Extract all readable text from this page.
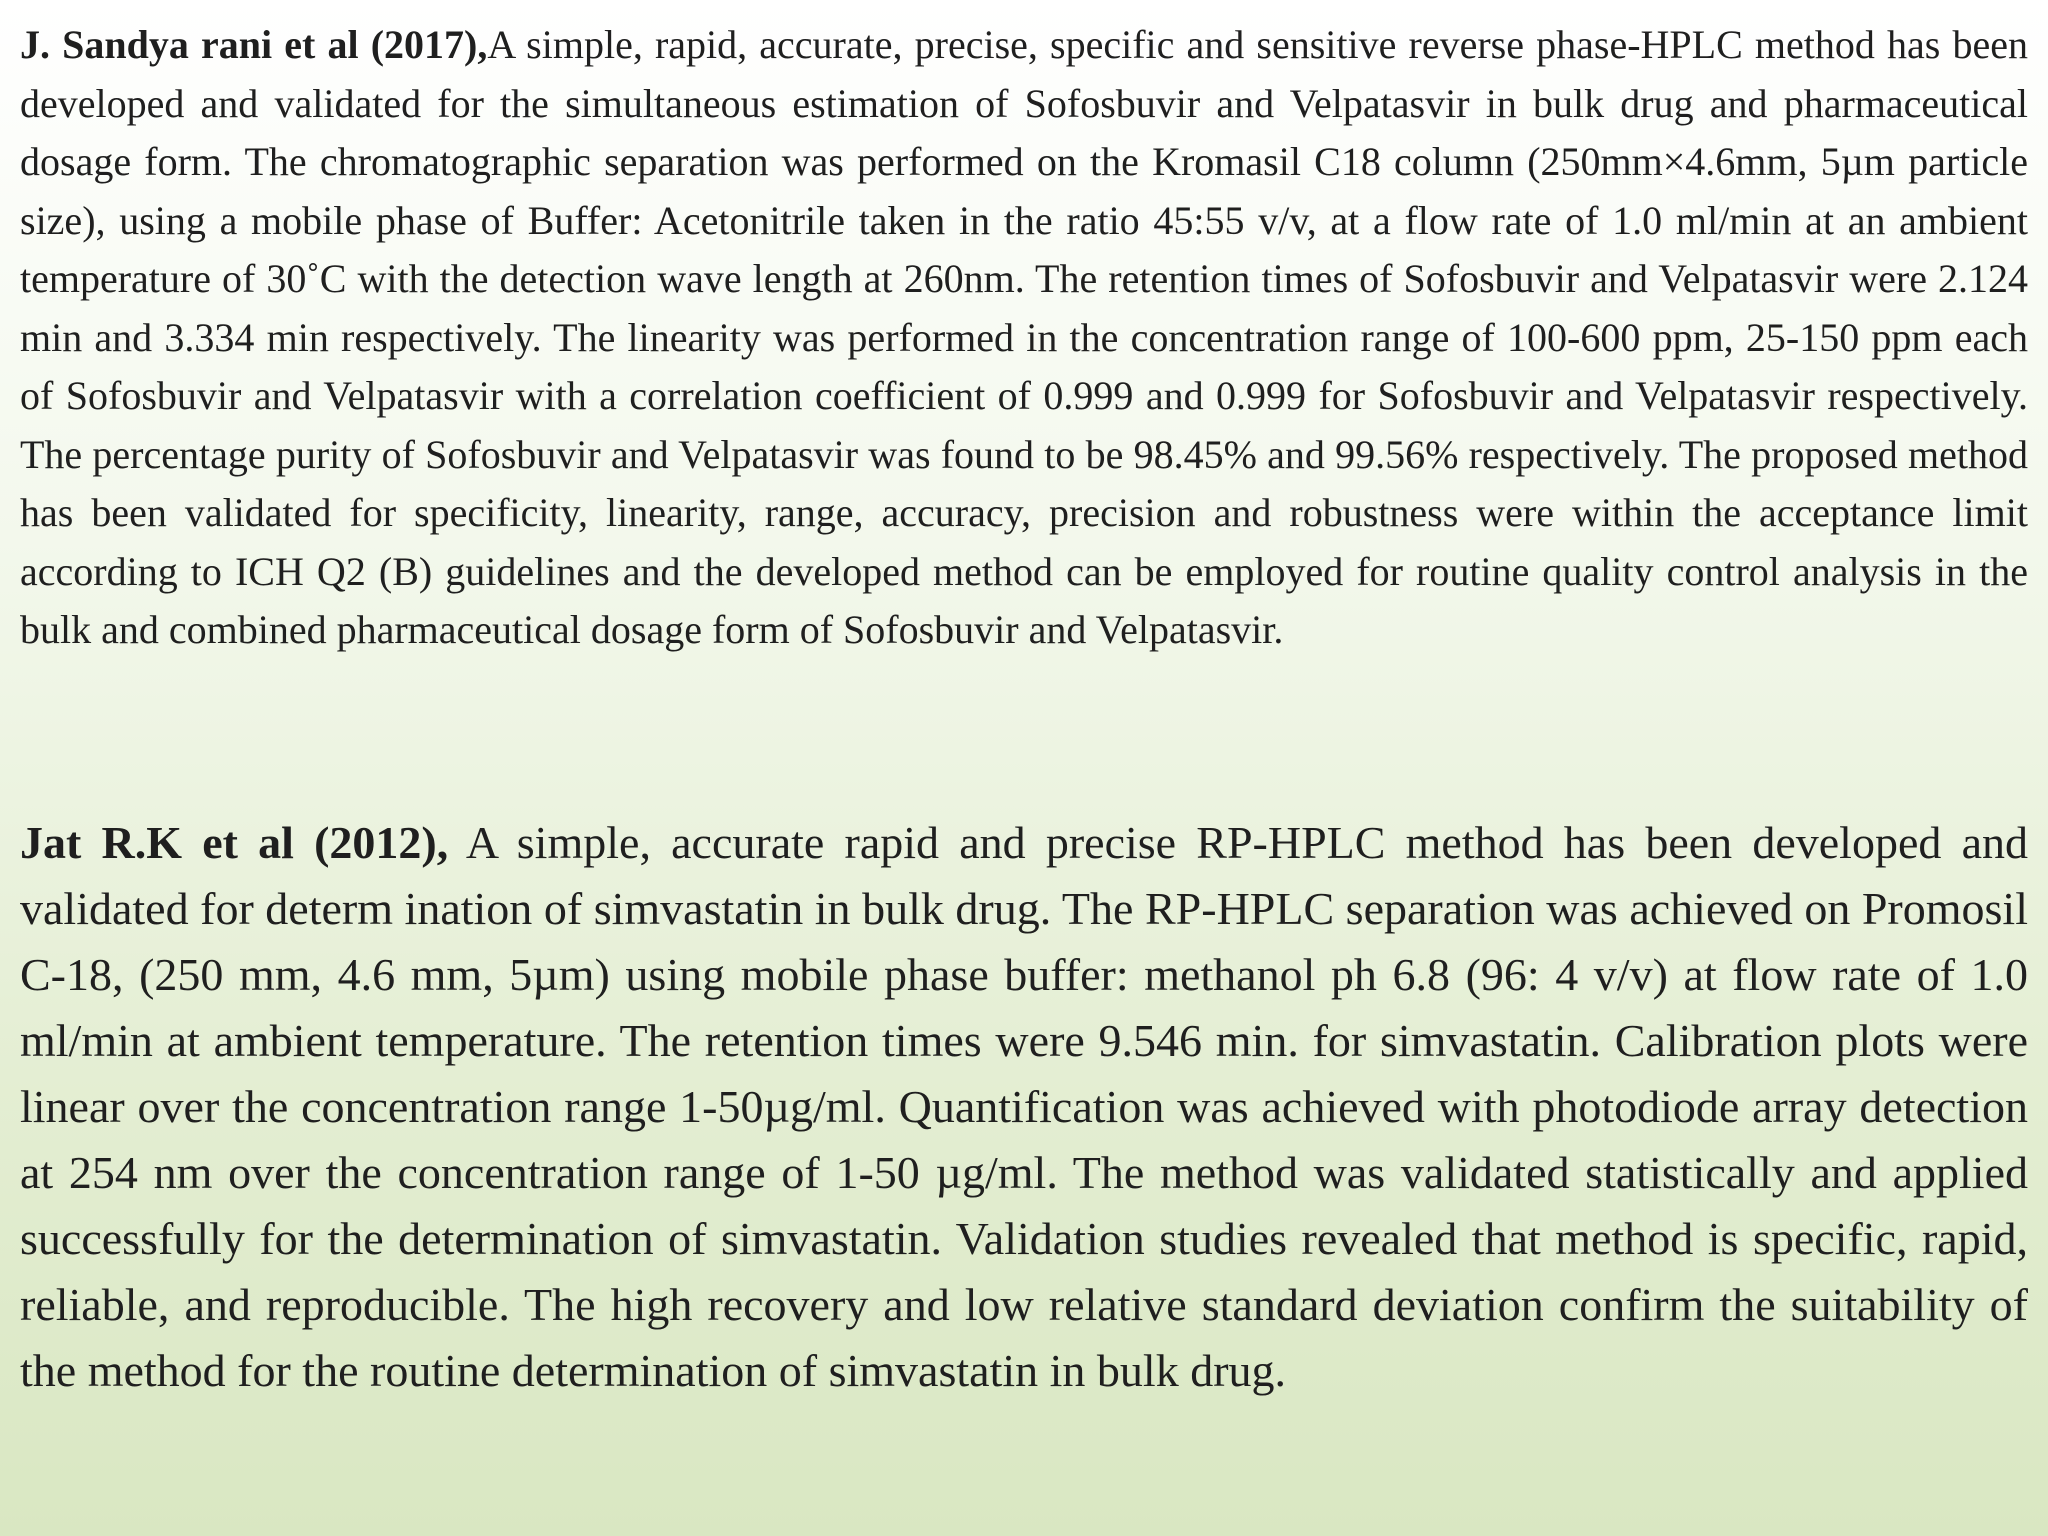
J. Sandya rani et al (2017),A simple, rapid, accurate, precise, specific and sensitive reverse phase-HPLC method has been developed and validated for the simultaneous estimation of Sofosbuvir and Velpatasvir in bulk drug and pharmaceutical dosage form. The chromatographic separation was performed on the Kromasil C18 column (250mm×4.6mm, 5µm particle size), using a mobile phase of Buffer: Acetonitrile taken in the ratio 45:55 v/v, at a flow rate of 1.0 ml/min at an ambient temperature of 30˚C with the detection wave length at 260nm. The retention times of Sofosbuvir and Velpatasvir were 2.124 min and 3.334 min respectively. The linearity was performed in the concentration range of 100-600 ppm, 25-150 ppm each of Sofosbuvir and Velpatasvir with a correlation coefficient of 0.999 and 0.999 for Sofosbuvir and Velpatasvir respectively. The percentage purity of Sofosbuvir and Velpatasvir was found to be 98.45% and 99.56% respectively. The proposed method has been validated for specificity, linearity, range, accuracy, precision and robustness were within the acceptance limit according to ICH Q2 (B) guidelines and the developed method can be employed for routine quality control analysis in the bulk and combined pharmaceutical dosage form of Sofosbuvir and Velpatasvir.

Jat R.K et al (2012), A simple, accurate rapid and precise RP-HPLC method has been developed and validated for determ ination of simvastatin in bulk drug. The RP-HPLC separation was achieved on Promosil C-18, (250 mm, 4.6 mm, 5µm) using mobile phase buffer: methanol ph 6.8 (96: 4 v/v) at flow rate of 1.0 ml/min at ambient temperature. The retention times were 9.546 min. for simvastatin. Calibration plots were linear over the concentration range 1-50µg/ml. Quantification was achieved with photodiode array detection at 254 nm over the concentration range of 1-50 µg/ml. The method was validated statistically and applied successfully for the determination of simvastatin. Validation studies revealed that method is specific, rapid, reliable, and reproducible. The high recovery and low relative standard deviation confirm the suitability of the method for the routine determination of simvastatin in bulk drug.
